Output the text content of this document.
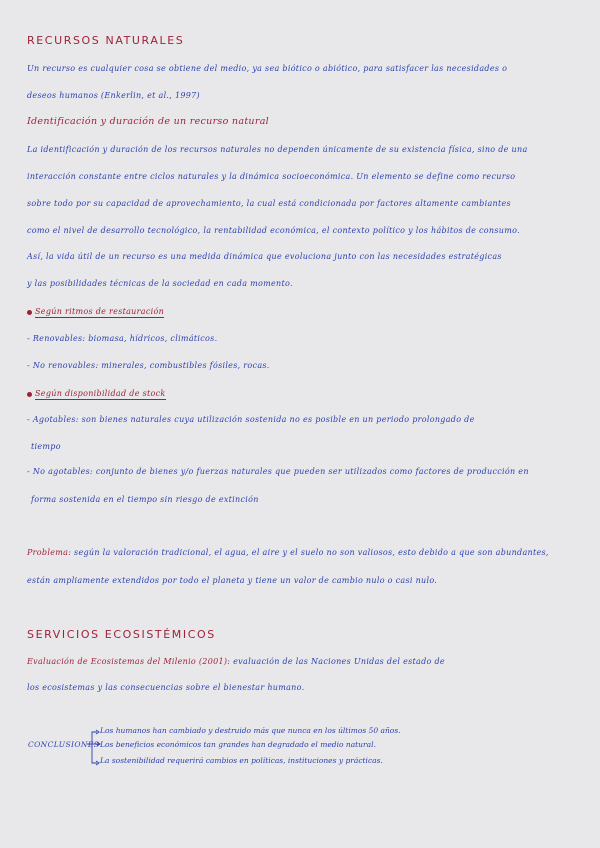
RECURSOS NATURALES
Un recurso es cualquier cosa se obtiene del medio, ya sea biótico o abiótico, para satisfacer las necesidades o
deseos humanos (Enkerlin, et al., 1997)
Identificación y duración de un recurso natural
La identificación y duración de los recursos naturales no dependen únicamente de su existencia física, sino de una
interacción constante entre ciclos naturales y la dinámica socioeconómica. Un elemento se define como recurso
sobre todo por su capacidad de aprovechamiento, la cual está condicionada por factores altamente cambiantes
como el nivel de desarrollo tecnológico, la rentabilidad económica, el contexto político y los hábitos de consumo.
Así, la vida útil de un recurso es una medida dinámica que evoluciona junto con las necesidades estratégicas
y las posibilidades técnicas de la sociedad en cada momento.
Según ritmos de restauración
- Renovables: biomasa, hídricos, climáticos.
- No renovables: minerales, combustibles fósiles, rocas.
Según disponibilidad de stock
- Agotables: son bienes naturales cuya utilización sostenida no es posible en un periodo prolongado de
tiempo
- No agotables: conjunto de bienes y/o fuerzas naturales que pueden ser utilizados como factores de producción en
forma sostenida en el tiempo sin riesgo de extinción
Problema: según la valoración tradicional, el agua, el aire y el suelo no son valiosos, esto debido a que son abundantes,
están ampliamente extendidos por todo el planeta y tiene un valor de cambio nulo o casi nulo.
SERVICIOS ECOSISTÉMICOS
Evaluación de Ecosistemas del Milenio (2001): evaluación de las Naciones Unidas del estado de
los ecosistemas y las consecuencias sobre el bienestar humano.
CONCLUSIONES
Los humanos han cambiado y destruido más que nunca en los últimos 50 años.
Los beneficios económicos tan grandes han degradado el medio natural.
La sostenibilidad requerirá cambios en políticas, instituciones y prácticas.
